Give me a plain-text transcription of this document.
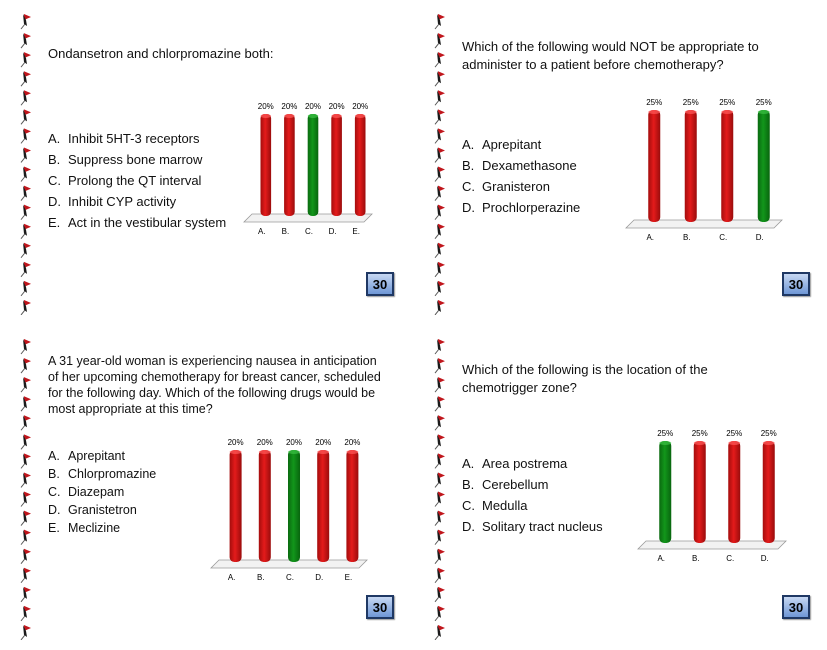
Ondansetron and chlorpromazine both:

A. Inhibit 5HT-3 receptors
B. Suppress bone marrow
C. Prolong the QT interval
D. Inhibit CYP activity
E. Act in the vestibular system
20%
A.
20%
B.
20%
C.
20%
D.
20%
E.
30

Which of the following would NOT be appropriate to administer to a patient before chemotherapy?

A. Aprepitant
B. Dexamethasone
C. Granisteron
D. Prochlorperazine
25%
A.
25%
B.
25%
C.
25%
D.
30

A 31 year-old woman is experiencing nausea in anticipation of her upcoming chemotherapy for breast cancer, scheduled for the following day. Which of the following drugs would be most appropriate at this time?

A. Aprepitant
B. Chlorpromazine
C. Diazepam
D. Granistetron
E. Meclizine
20%
A.
20%
B.
20%
C.
20%
D.
20%
E.
30

Which of the following is the location of the chemotrigger zone?

A. Area postrema
B. Cerebellum
C. Medulla
D. Solitary tract nucleus
25%
A.
25%
B.
25%
C.
25%
D.
30
